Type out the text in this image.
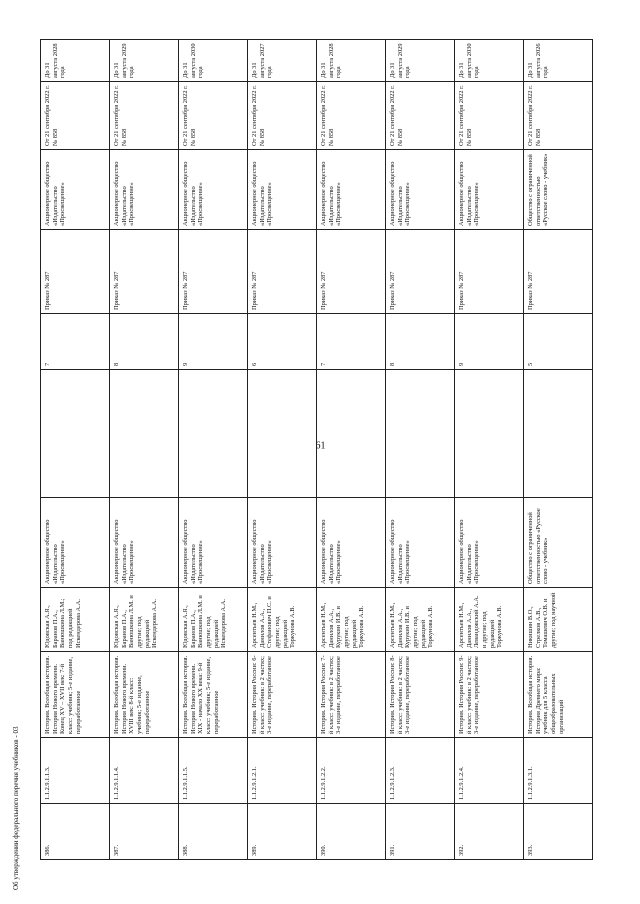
Об утверждении федерального перечня учебников - 03
61
386.	1.1.2.9.1.1.3.	История. Всеобщая история. История Нового времени. Конец XV – XVII век: 7-й класс: учебник; 5-е издание, переработанное	Юдовская А.Я., Баранов П.А., Ванюшкина Л.М.; под редакцией Искендерова А.А.	Акционерное общество «Издательство «Просвещение»		7	Приказ № 287	Акционерное общество «Издательство «Просвещение»	От 21 сентября 2022 г. № 858	До 31 августа 2028 года
387.	1.1.2.9.1.1.4.	История. Всеобщая история. История Нового времени. XVIII век: 8-й класс: учебник; 5-е издание, переработанное	Юдовская А.Я., Баранов П.А., Ванюшкина Л.М. и другие; под редакцией Искендерова А.А.	Акционерное общество «Издательство «Просвещение»		8	Приказ № 287	Акционерное общество «Издательство «Просвещение»	От 21 сентября 2022 г. № 858	До 31 августа 2029 года
388.	1.1.2.9.1.1.5.	История. Всеобщая история. История Нового времени. XIX - начало XX века: 9-й класс: учебник; 5-е издание, переработанное	Юдовская А.Я., Баранов П.А., Ванюшкина Л.М. и другие; под редакцией Искендерова А.А.	Акционерное общество «Издательство «Просвещение»		9	Приказ № 287	Акционерное общество «Издательство «Просвещение»	От 21 сентября 2022 г. № 858	До 31 августа 2030 года
389.	1.1.2.9.1.2.1.	История. История России: 6-й класс: учебник: в 2 частях; 3-е издание, переработанное	Арсентьев Н.М., Данилов А.А., Стефанович П.С. и другие; под редакцией Торкунова А.В.	Акционерное общество «Издательство «Просвещение»		6	Приказ № 287	Акционерное общество «Издательство «Просвещение»	От 21 сентября 2022 г. № 858	До 31 августа 2027 года
390.	1.1.2.9.1.2.2.	История. История России: 7-й класс: учебник: в 2 частях; 3-е издание, переработанное	Арсентьев Н.М., Данилов А.А., Курукин И.В. и другие; под редакцией Торкунова А.В.	Акционерное общество «Издательство «Просвещение»		7	Приказ № 287	Акционерное общество «Издательство «Просвещение»	От 21 сентября 2022 г. № 858	До 31 августа 2028 года
391.	1.1.2.9.1.2.3.	История. История России: 8-й класс: учебник: в 2 частях; 3-е издание, переработанное	Арсентьев Н.М., Данилов А.А., Курукин И.В. и другие; под редакцией Торкунова А.В.	Акционерное общество «Издательство «Просвещение»		8	Приказ № 287	Акционерное общество «Издательство «Просвещение»	От 21 сентября 2022 г. № 858	До 31 августа 2029 года
392.	1.1.2.9.1.2.4.	История. История России: 9-й класс: учебник: в 2 частях; 3-е издание, переработанное	Арсентьев Н.М., Данилов А.А., Левандовский А.А. и другие; под редакцией Торкунова А.В.	Акционерное общество «Издательство «Просвещение»		9	Приказ № 287	Акционерное общество «Издательство «Просвещение»	От 21 сентября 2022 г. № 858	До 31 августа 2030 года
393.	1.1.2.9.1.3.1.	История. Всеобщая история. История Древнего мира: учебник для 5 класса общеобразовательных организаций	Никишин В.О., Стрелков А.В., Томашевич О.В. и другие; под научной	Общество с ограниченной ответственностью «Русское слово - учебник»		5	Приказ № 287	Общество с ограниченной ответственностью «Русское слово - учебник»	От 21 сентября 2022 г. № 858	До 31 августа 2026 года
